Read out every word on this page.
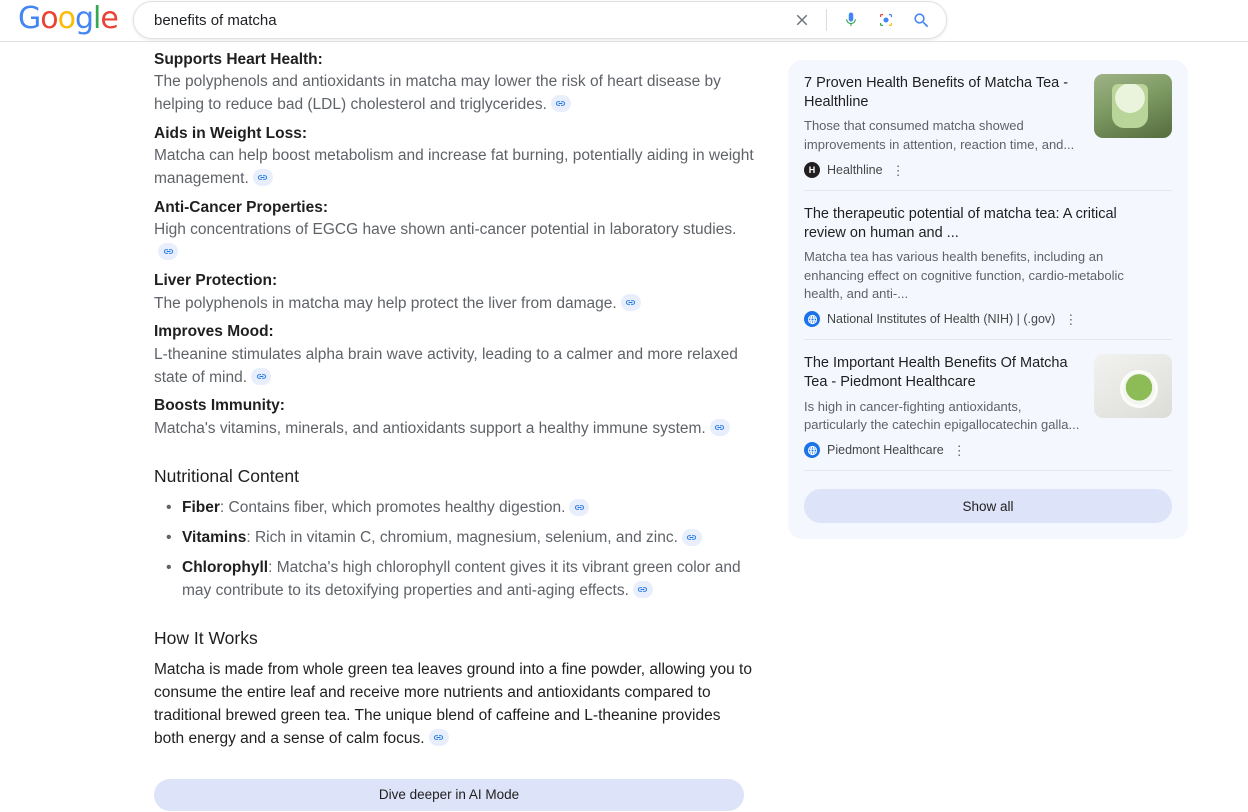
Google
benefits of matcha
Supports Heart Health:
The polyphenols and antioxidants in matcha may lower the risk of heart disease by helping to reduce bad (LDL) cholesterol and triglycerides.
Aids in Weight Loss:
Matcha can help boost metabolism and increase fat burning, potentially aiding in weight management.
Anti-Cancer Properties:
High concentrations of EGCG have shown anti-cancer potential in laboratory studies.
Liver Protection:
The polyphenols in matcha may help protect the liver from damage.
Improves Mood:
L-theanine stimulates alpha brain wave activity, leading to a calmer and more relaxed state of mind.
Boosts Immunity:
Matcha's vitamins, minerals, and antioxidants support a healthy immune system.
Nutritional Content
• Fiber: Contains fiber, which promotes healthy digestion.
• Vitamins: Rich in vitamin C, chromium, magnesium, selenium, and zinc.
• Chlorophyll: Matcha's high chlorophyll content gives it its vibrant green color and may contribute to its detoxifying properties and anti-aging effects.
How It Works
Matcha is made from whole green tea leaves ground into a fine powder, allowing you to consume the entire leaf and receive more nutrients and antioxidants compared to traditional brewed green tea. The unique blend of caffeine and L-theanine provides both energy and a sense of calm focus.
Dive deeper in AI Mode
7 Proven Health Benefits of Matcha Tea - Healthline
Those that consumed matcha showed improvements in attention, reaction time, and...
H Healthline ⋮
The therapeutic potential of matcha tea: A critical review on human and ...
Matcha tea has various health benefits, including an enhancing effect on cognitive function, cardio-metabolic health, and anti-...
National Institutes of Health (NIH) | (.gov) ⋮
The Important Health Benefits Of Matcha Tea - Piedmont Healthcare
Is high in cancer-fighting antioxidants, particularly the catechin epigallocatechin galla...
Piedmont Healthcare ⋮
Show all
